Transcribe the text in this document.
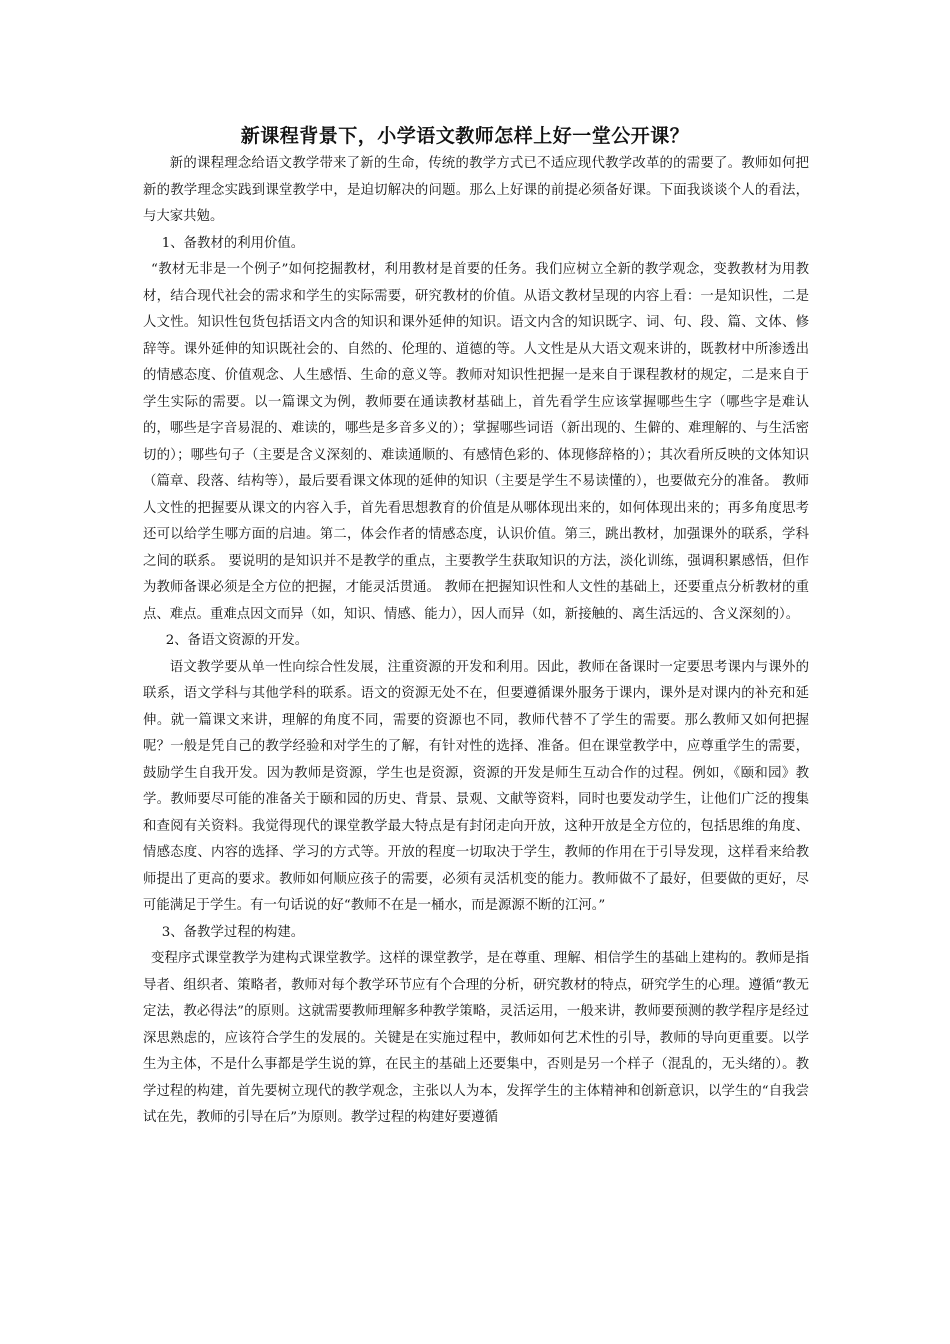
新课程背景下，小学语文教师怎样上好一堂公开课？

新的课程理念给语文教学带来了新的生命，传统的教学方式已不适应现代教学改革的的需要了。教师如何把新的教学理念实践到课堂教学中，是迫切解决的问题。那么上好课的前提必须备好课。下面我谈谈个人的看法，与大家共勉。

1、备教材的利用价值。

“教材无非是一个例子”如何挖掘教材，利用教材是首要的任务。我们应树立全新的教学观念，变教教材为用教材，结合现代社会的需求和学生的实际需要，研究教材的价值。从语文教材呈现的内容上看：一是知识性，二是人文性。知识性包货包括语文内含的知识和课外延伸的知识。语文内含的知识既字、词、句、段、篇、文体、修辞等。课外延伸的知识既社会的、自然的、伦理的、道德的等。人文性是从大语文观来讲的，既教材中所渗透出的情感态度、价值观念、人生感悟、生命的意义等。教师对知识性把握一是来自于课程教材的规定，二是来自于学生实际的需要。以一篇课文为例，教师要在通读教材基础上，首先看学生应该掌握哪些生字（哪些字是难认的，哪些是字音易混的、难读的，哪些是多音多义的）；掌握哪些词语（新出现的、生僻的、难理解的、与生活密切的）；哪些句子（主要是含义深刻的、难读通顺的、有感情色彩的、体现修辞格的）；其次看所反映的文体知识（篇章、段落、结构等），最后要看课文体现的延伸的知识（主要是学生不易读懂的），也要做充分的准备。 教师人文性的把握要从课文的内容入手，首先看思想教育的价值是从哪体现出来的，如何体现出来的；再多角度思考还可以给学生哪方面的启迪。第二，体会作者的情感态度，认识价值。第三，跳出教材，加强课外的联系，学科之间的联系。 要说明的是知识并不是教学的重点，主要教学生获取知识的方法，淡化训练，强调积累感悟，但作为教师备课必须是全方位的把握，才能灵活贯通。 教师在把握知识性和人文性的基础上，还要重点分析教材的重点、难点。重难点因文而异（如，知识、情感、能力），因人而异（如，新接触的、离生活远的、含义深刻的）。

2、备语文资源的开发。

语文教学要从单一性向综合性发展，注重资源的开发和利用。因此，教师在备课时一定要思考课内与课外的联系，语文学科与其他学科的联系。语文的资源无处不在，但要遵循课外服务于课内，课外是对课内的补充和延伸。就一篇课文来讲，理解的角度不同，需要的资源也不同，教师代替不了学生的需要。那么教师又如何把握呢？一般是凭自己的教学经验和对学生的了解，有针对性的选择、准备。但在课堂教学中，应尊重学生的需要，鼓励学生自我开发。因为教师是资源，学生也是资源，资源的开发是师生互动合作的过程。例如，《颐和园》教学。教师要尽可能的准备关于颐和园的历史、背景、景观、文献等资料，同时也要发动学生，让他们广泛的搜集和查阅有关资料。我觉得现代的课堂教学最大特点是有封闭走向开放，这种开放是全方位的，包括思维的角度、情感态度、内容的选择、学习的方式等。开放的程度一切取决于学生，教师的作用在于引导发现，这样看来给教师提出了更高的要求。教师如何顺应孩子的需要，必须有灵活机变的能力。教师做不了最好，但要做的更好，尽可能满足于学生。有一句话说的好“教师不在是一桶水，而是源源不断的江河。”

3、备教学过程的构建。

变程序式课堂教学为建构式课堂教学。这样的课堂教学，是在尊重、理解、相信学生的基础上建构的。教师是指导者、组织者、策略者，教师对每个教学环节应有个合理的分析，研究教材的特点，研究学生的心理。遵循“教无定法，教必得法”的原则。这就需要教师理解多种教学策略，灵活运用，一般来讲，教师要预测的教学程序是经过深思熟虑的，应该符合学生的发展的。关键是在实施过程中，教师如何艺术性的引导，教师的导向更重要。以学生为主体，不是什么事都是学生说的算，在民主的基础上还要集中，否则是另一个样子（混乱的，无头绪的）。教学过程的构建，首先要树立现代的教学观念，主张以人为本，发挥学生的主体精神和创新意识，以学生的“自我尝试在先，教师的引导在后”为原则。教学过程的构建好要遵循
